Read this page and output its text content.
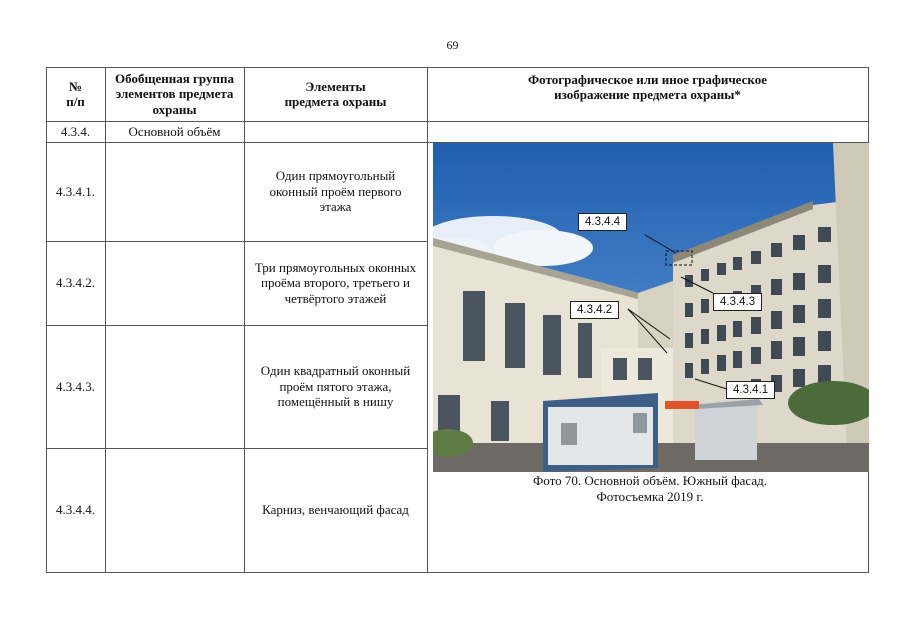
69
№
п/п
Обобщенная группа элементов предмета охраны
Элементы
предмета охраны
Фотографическое или иное графическое
изображение предмета охраны*
4.3.4.	Основной объём
4.3.4.1.
Один прямоугольный оконный проём первого этажа
4.3.4.2.
Три прямоугольных оконных проёма второго, третьего и четвёртого этажей
4.3.4.3.
Один квадратный оконный проём пятого этажа, помещённый в нишу
4.3.4.4.	Карниз, венчающий фасад
4.3.4.4
4.3.4.3
4.3.4.2
4.3.4.1
Фото 70. Основной объём. Южный фасад.
Фотосъемка 2019 г.
